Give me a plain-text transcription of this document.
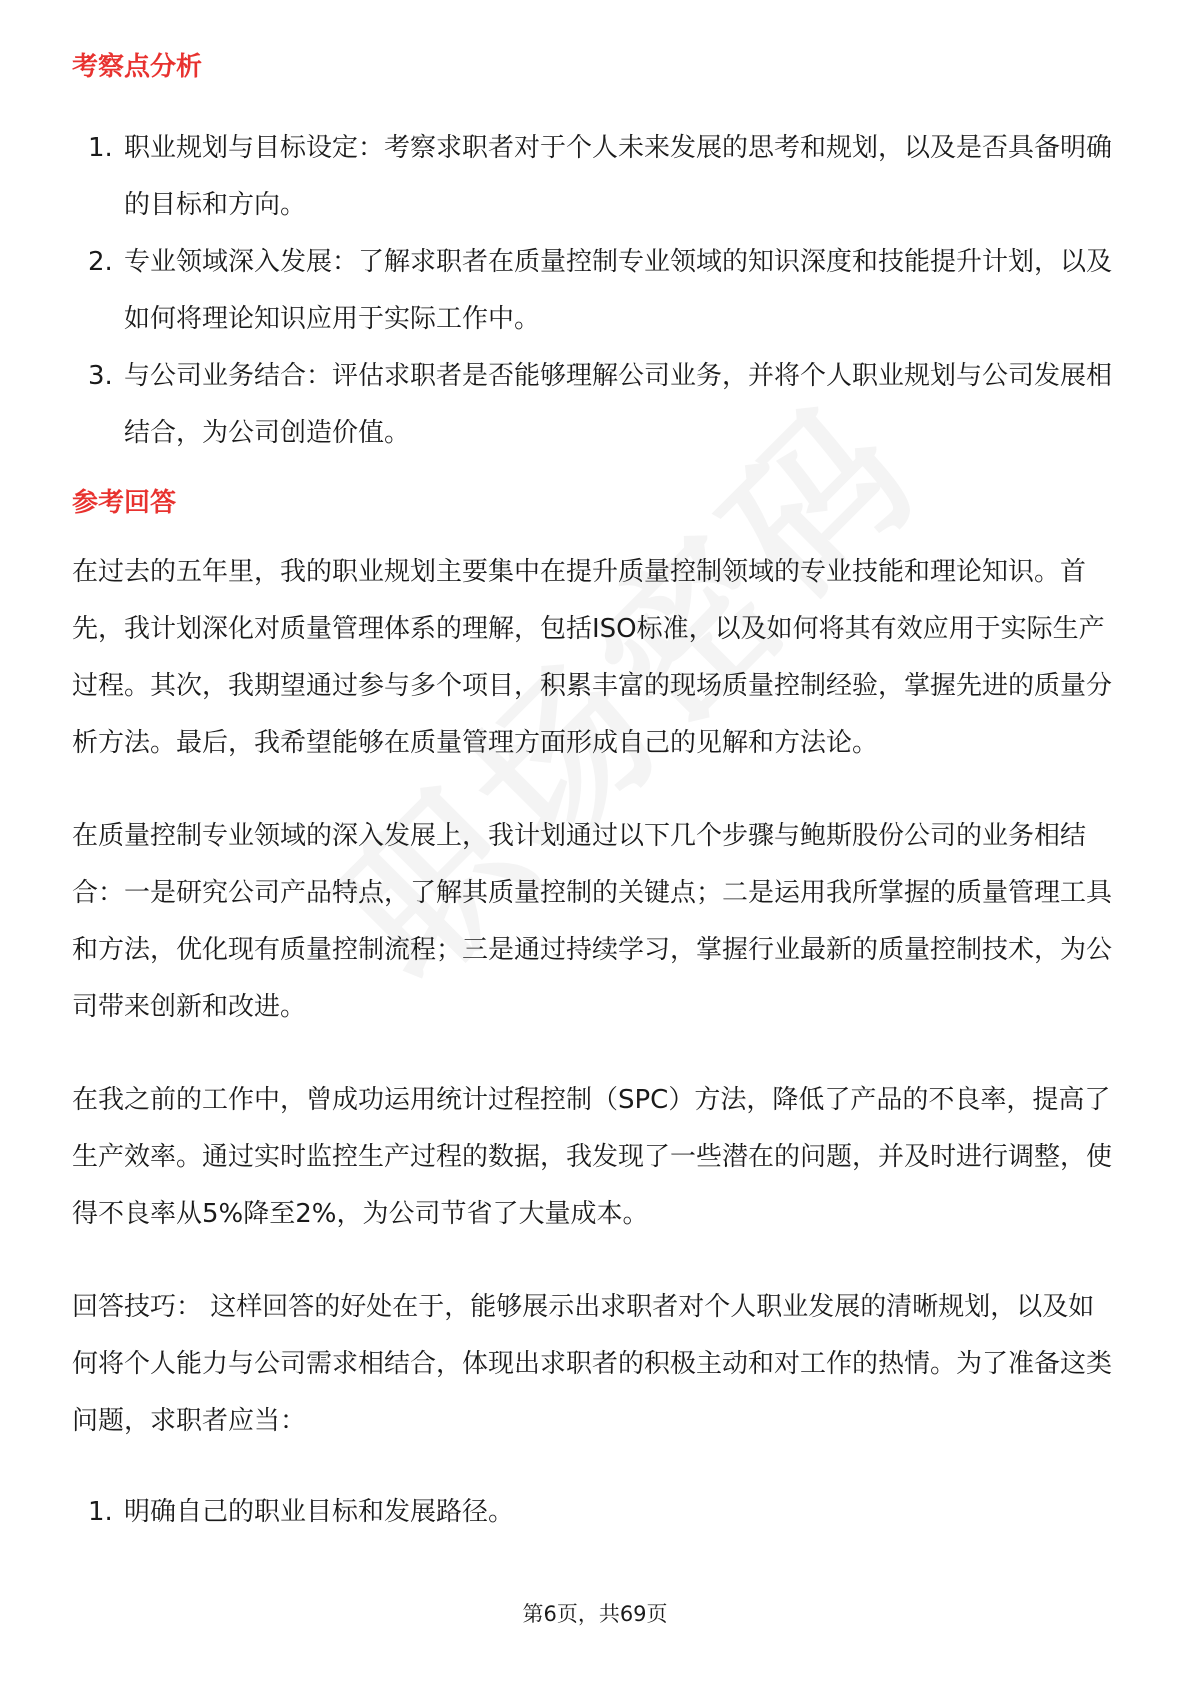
考察点分析
1. 职业规划与目标设定：考察求职者对于个人未来发展的思考和规划，以及是否具备明确的目标和方向。
2. 专业领域深入发展：了解求职者在质量控制专业领域的知识深度和技能提升计划，以及如何将理论知识应用于实际工作中。
3. 与公司业务结合：评估求职者是否能够理解公司业务，并将个人职业规划与公司发展相结合，为公司创造价值。
参考回答

在过去的五年里，我的职业规划主要集中在提升质量控制领域的专业技能和理论知识。首先，我计划深化对质量管理体系的理解，包括ISO标准，以及如何将其有效应用于实际生产过程。其次，我期望通过参与多个项目，积累丰富的现场质量控制经验，掌握先进的质量分析方法。最后，我希望能够在质量管理方面形成自己的见解和方法论。

在质量控制专业领域的深入发展上，我计划通过以下几个步骤与鲍斯股份公司的业务相结合：一是研究公司产品特点，了解其质量控制的关键点；二是运用我所掌握的质量管理工具和方法，优化现有质量控制流程；三是通过持续学习，掌握行业最新的质量控制技术，为公司带来创新和改进。

在我之前的工作中，曾成功运用统计过程控制（SPC）方法，降低了产品的不良率，提高了生产效率。通过实时监控生产过程的数据，我发现了一些潜在的问题，并及时进行调整，使得不良率从5%降至2%，为公司节省了大量成本。

回答技巧： 这样回答的好处在于，能够展示出求职者对个人职业发展的清晰规划，以及如何将个人能力与公司需求相结合，体现出求职者的积极主动和对工作的热情。为了准备这类问题，求职者应当：

1. 明确自己的职业目标和发展路径。
第6页，共69页
